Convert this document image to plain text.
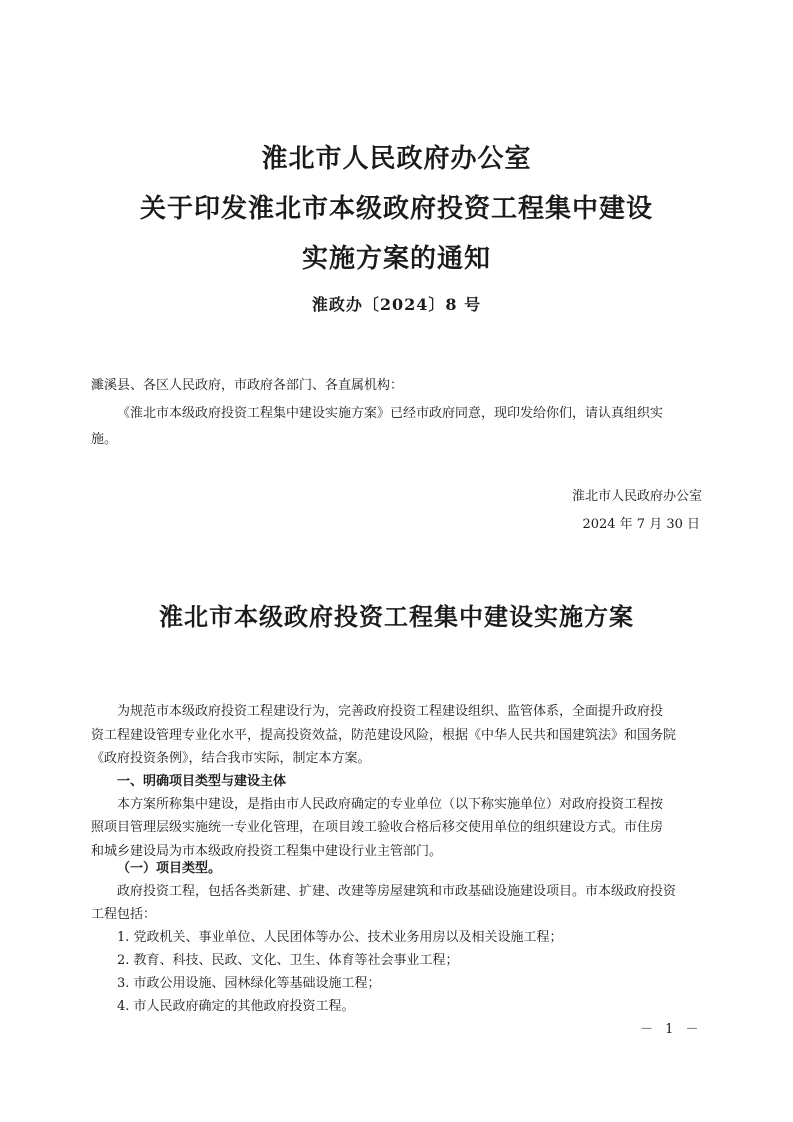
淮北市人民政府办公室
关于印发淮北市本级政府投资工程集中建设
实施方案的通知
淮政办〔2024〕8 号
濉溪县、各区人民政府，市政府各部门、各直属机构：
《淮北市本级政府投资工程集中建设实施方案》已经市政府同意，现印发给你们，请认真组织实
施。
淮北市人民政府办公室
2024 年 7 月 30 日
淮北市本级政府投资工程集中建设实施方案
为规范市本级政府投资工程建设行为，完善政府投资工程建设组织、监管体系，全面提升政府投
资工程建设管理专业化水平，提高投资效益，防范建设风险，根据《中华人民共和国建筑法》和国务院
《政府投资条例》，结合我市实际，制定本方案。
一、明确项目类型与建设主体
本方案所称集中建设，是指由市人民政府确定的专业单位（以下称实施单位）对政府投资工程按
照项目管理层级实施统一专业化管理，在项目竣工验收合格后移交使用单位的组织建设方式。市住房
和城乡建设局为市本级政府投资工程集中建设行业主管部门。
（一）项目类型。
政府投资工程，包括各类新建、扩建、改建等房屋建筑和市政基础设施建设项目。市本级政府投资
工程包括：
1. 党政机关、事业单位、人民团体等办公、技术业务用房以及相关设施工程；
2. 教育、科技、民政、文化、卫生、体育等社会事业工程；
3. 市政公用设施、园林绿化等基础设施工程；
4. 市人民政府确定的其他政府投资工程。
－ 1 －
